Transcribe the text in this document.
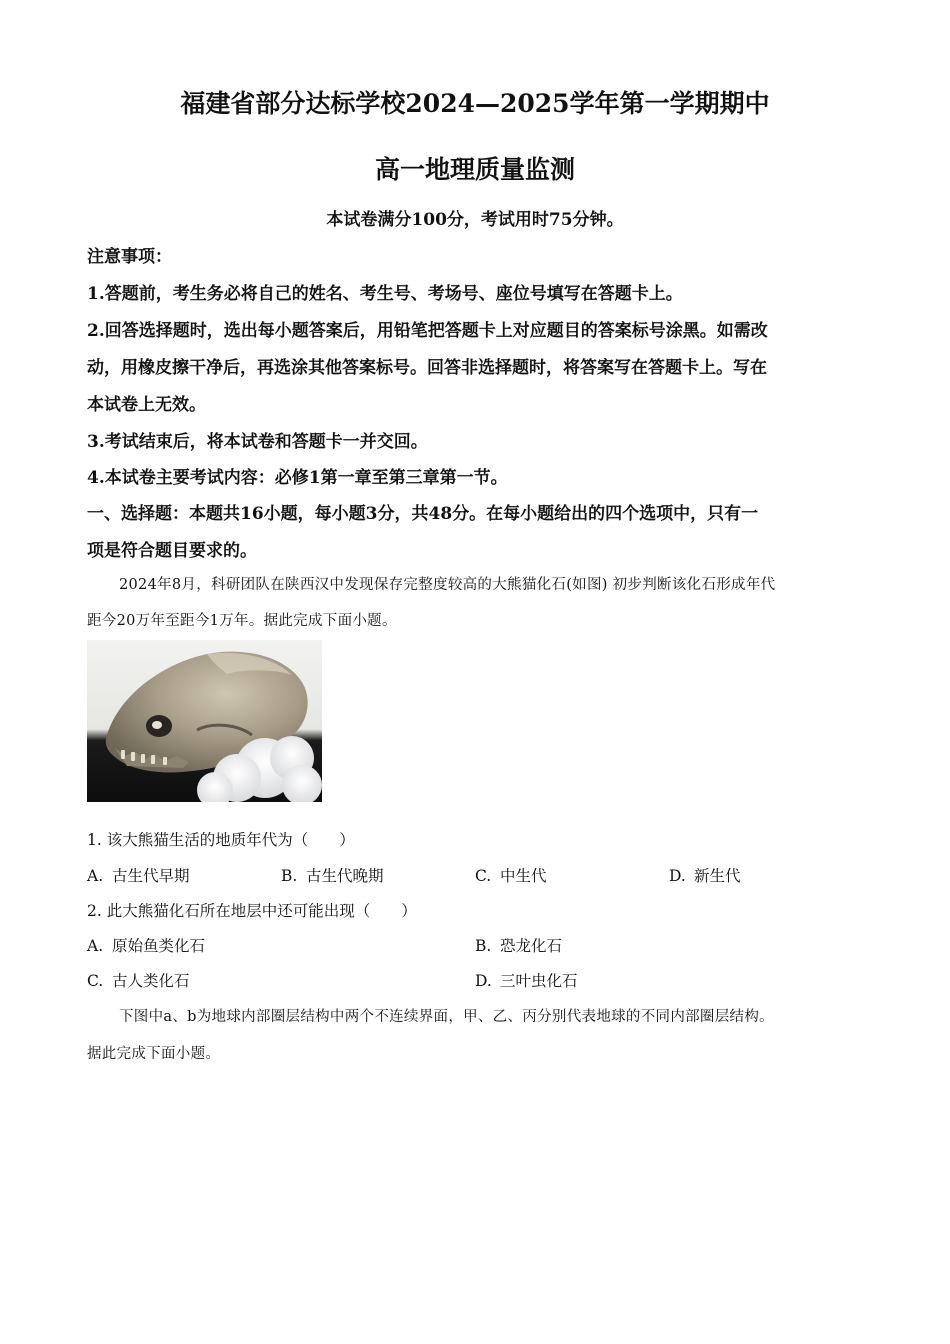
福建省部分达标学校2024—2025学年第一学期期中
高一地理质量监测
本试卷满分100分，考试用时75分钟。
注意事项：
1.答题前，考生务必将自己的姓名、考生号、考场号、座位号填写在答题卡上。
2.回答选择题时，选出每小题答案后，用铅笔把答题卡上对应题目的答案标号涂黑。如需改
动，用橡皮擦干净后，再选涂其他答案标号。回答非选择题时，将答案写在答题卡上。写在
本试卷上无效。
3.考试结束后，将本试卷和答题卡一并交回。
4.本试卷主要考试内容：必修1第一章至第三章第一节。
一、选择题：本题共16小题，每小题3分，共48分。在每小题给出的四个选项中，只有一
项是符合题目要求的。
2024年8月，科研团队在陕西汉中发现保存完整度较高的大熊猫化石(如图) 初步判断该化石形成年代
距今20万年至距今1万年。据此完成下面小题。
1. 该大熊猫生活的地质年代为（　　）
A. 古生代早期	B. 古生代晚期	C. 中生代	D. 新生代
2. 此大熊猫化石所在地层中还可能出现（　　）
A. 原始鱼类化石	B. 恐龙化石
C. 古人类化石	D. 三叶虫化石
下图中a、b为地球内部圈层结构中两个不连续界面，甲、乙、丙分别代表地球的不同内部圈层结构。
据此完成下面小题。
